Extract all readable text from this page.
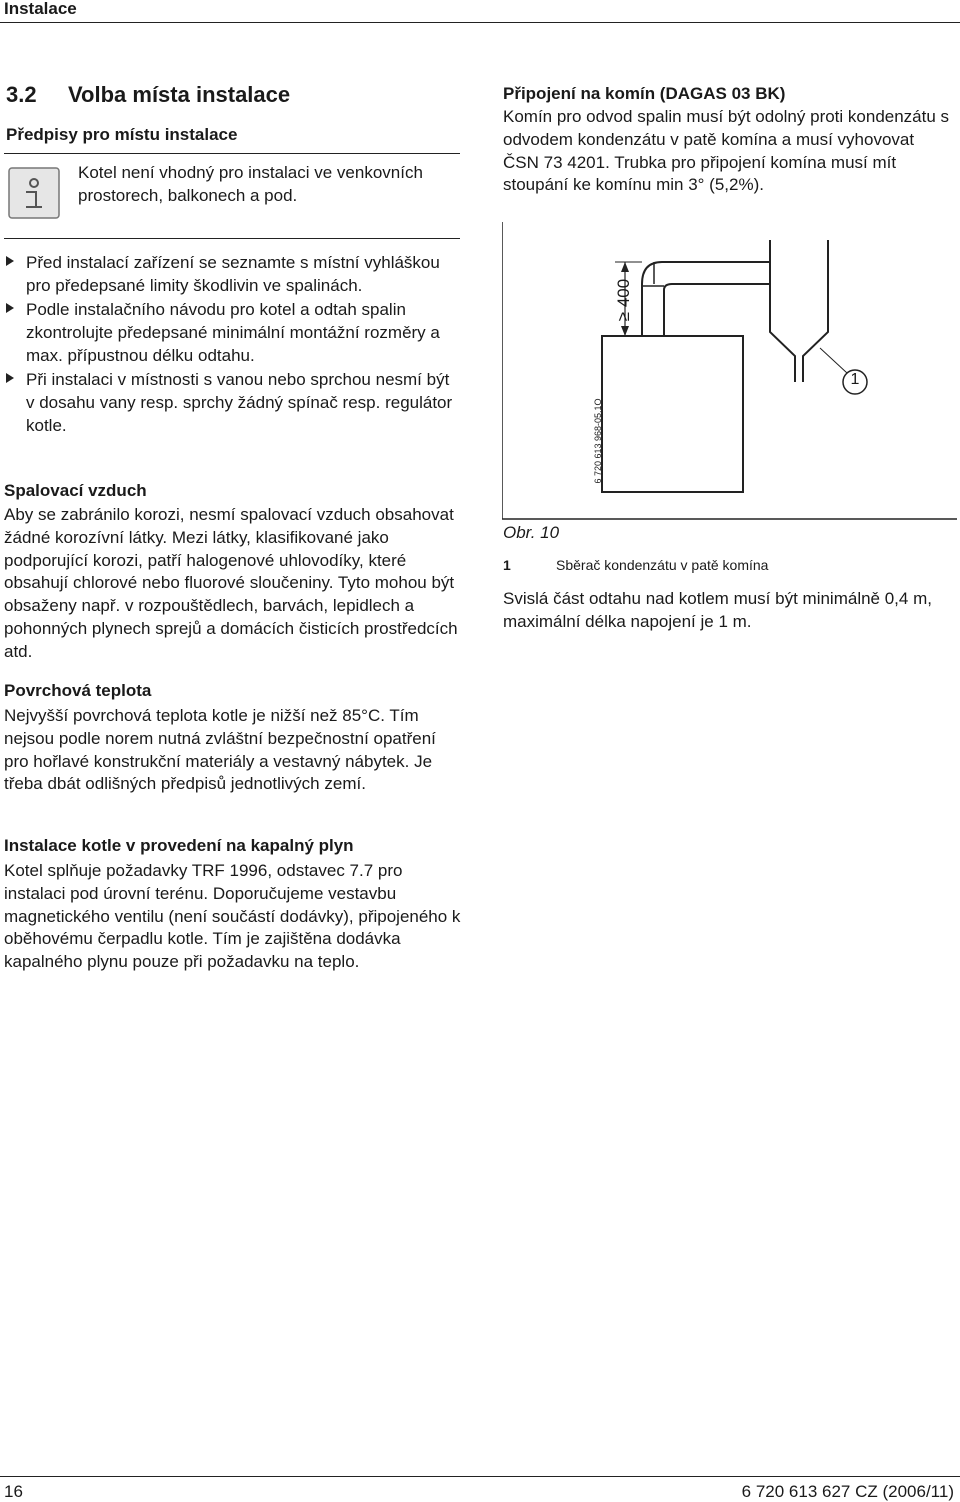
Instalace
3.2 Volba místa instalace
Předpisy pro místu instalace
Kotel není vhodný pro instalaci ve venkovních prostorech, balkonech a pod.
Před instalací zařízení se seznamte s místní vyhláškou pro předepsané limity škodlivin ve spalinách.
Podle instalačního návodu pro kotel a odtah spalin zkontrolujte předepsané minimální montážní rozměry a max. přípustnou délku odtahu.
Při instalaci v místnosti s vanou nebo sprchou nesmí být v dosahu vany resp. sprchy žádný spínač resp. regulátor kotle.
Spalovací vzduch
Aby se zabránilo korozi, nesmí spalovací vzduch obsahovat žádné korozívní látky. Mezi látky, klasifikované jako podporující korozi, patří halogenové uhlovodíky, které obsahují chlorové nebo fluorové sloučeniny. Tyto mohou být obsaženy např. v rozpouštědlech, barvách, lepidlech a pohonných plynech sprejů a domácích čisticích prostředcích atd.
Povrchová teplota
Nejvyšší povrchová teplota kotle je nižší než 85°C. Tím nejsou podle norem nutná zvláštní bezpečnostní opatření pro hořlavé konstrukční materiály a vestavný nábytek. Je třeba dbát odlišných předpisů jednotlivých zemí.
Instalace kotle v provedení na kapalný plyn
Kotel splňuje požadavky TRF 1996, odstavec 7.7 pro instalaci pod úrovní terénu. Doporučujeme vestavbu magnetického ventilu (není součástí dodávky), připojeného k oběhovému čerpadlu kotle. Tím je zajištěna dodávka kapalného plynu pouze při požadavku na teplo.
Připojení na komín (DAGAS 03 BK)
Komín pro odvod spalin musí být odolný proti kondenzátu s odvodem kondenzátu v patě komína a musí vyhovovat ČSN 73 4201. Trubka pro připojení komína musí mít stoupání ke komínu min 3° (5,2%).
≥ 400
1
6 720 613 968-05.1O
Obr. 10
1	Sběrač kondenzátu v patě komína
Svislá část odtahu nad kotlem musí být minimálně 0,4 m, maximální délka napojení je 1 m.
16	6 720 613 627 CZ (2006/11)
